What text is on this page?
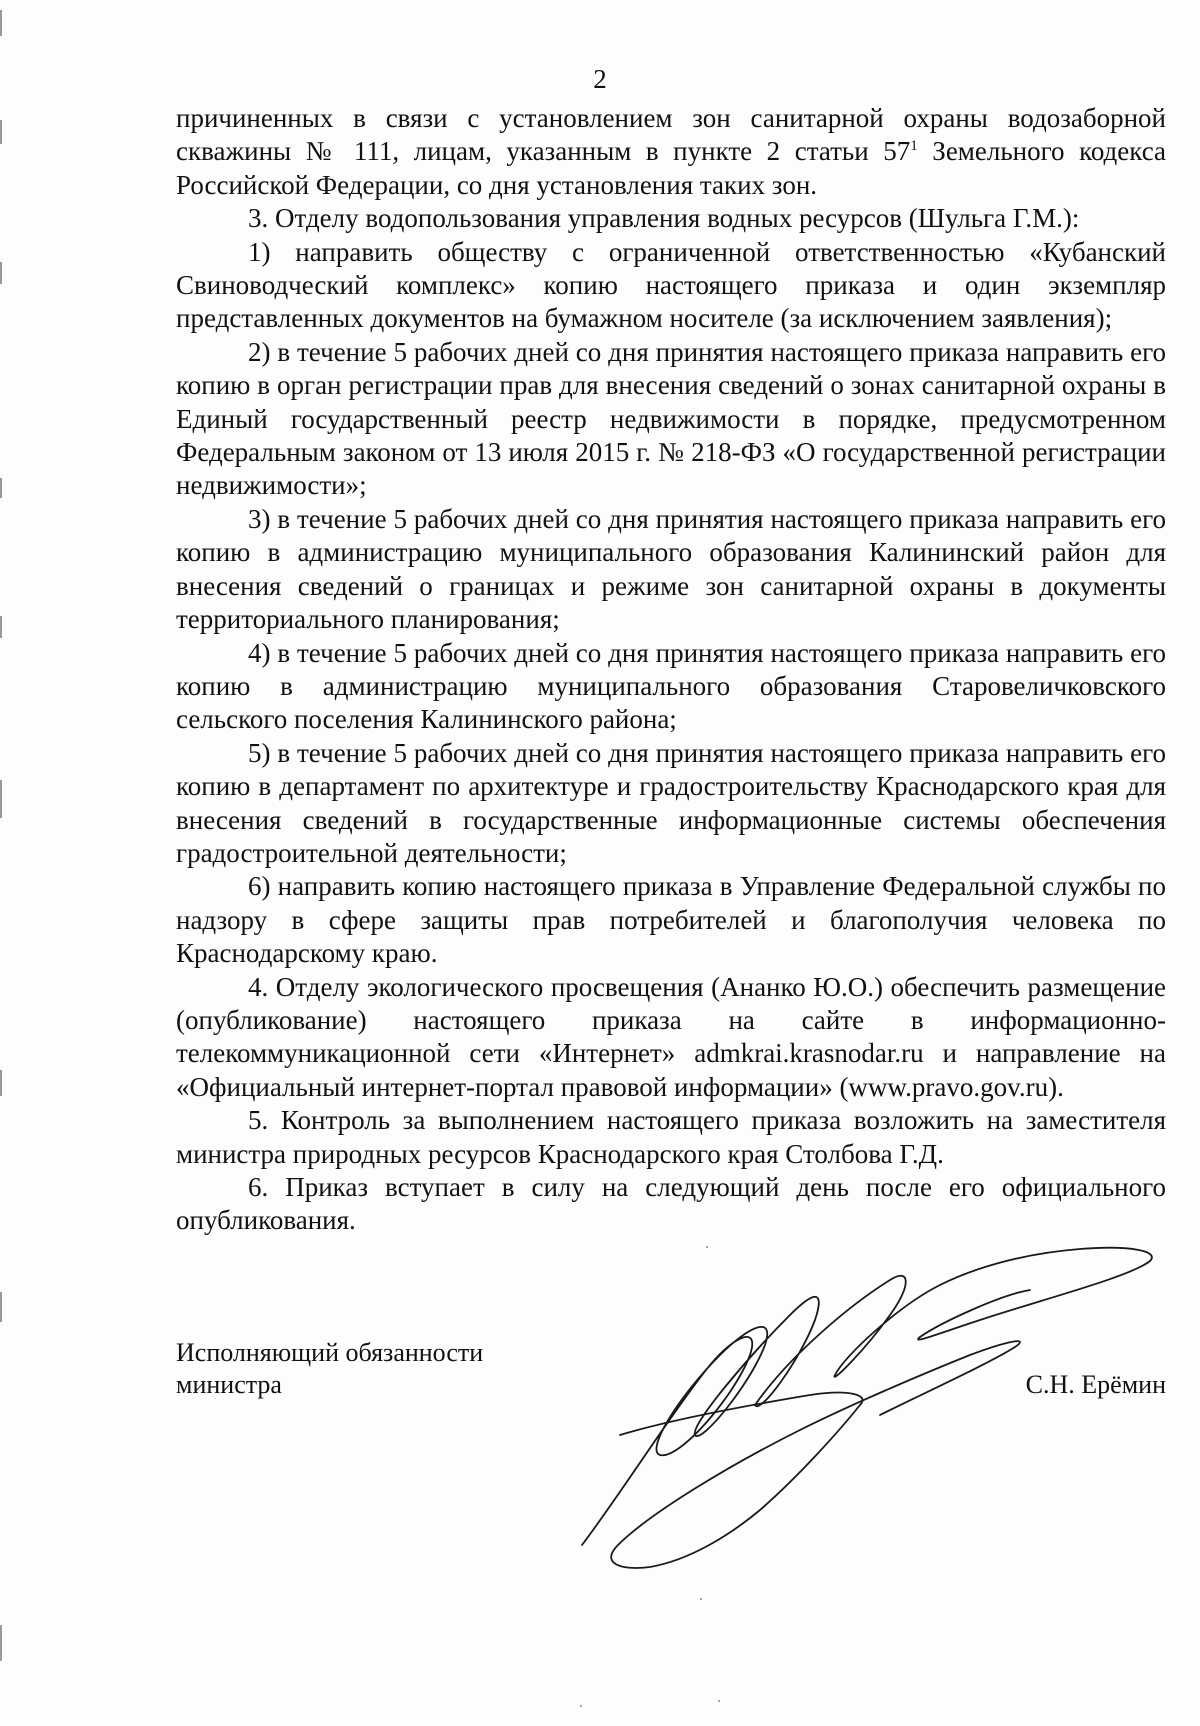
2

причиненных в связи с установлением зон санитарной охраны водозаборной скважины № 111, лицам, указанным в пункте 2 статьи $57^1$ Земельного кодекса Российской Федерации, со дня установления таких зон.

3. Отделу водопользования управления водных ресурсов (Шульга Г.М.):

1) направить обществу с ограниченной ответственностью «Кубанский Свиноводческий комплекс» копию настоящего приказа и один экземпляр представленных документов на бумажном носителе (за исключением заявления);

2) в течение 5 рабочих дней со дня принятия настоящего приказа направить его копию в орган регистрации прав для внесения сведений о зонах санитарной охраны в Единый государственный реестр недвижимости в порядке, предусмотренном Федеральным законом от 13 июля 2015 г. № 218-ФЗ «О государственной регистрации недвижимости»;

3) в течение 5 рабочих дней со дня принятия настоящего приказа направить его копию в администрацию муниципального образования Калининский район для внесения сведений о границах и режиме зон санитарной охраны в документы территориального планирования;

4) в течение 5 рабочих дней со дня принятия настоящего приказа направить его копию в администрацию муниципального образования Старовеличковского сельского поселения Калининского района;

5) в течение 5 рабочих дней со дня принятия настоящего приказа направить его копию в департамент по архитектуре и градостроительству Краснодарского края для внесения сведений в государственные информационные системы обеспечения градостроительной деятельности;

6) направить копию настоящего приказа в Управление Федеральной службы по надзору в сфере защиты прав потребителей и благополучия человека по Краснодарскому краю.

4. Отделу экологического просвещения (Ананко Ю.О.) обеспечить размещение (опубликование) настоящего приказа на сайте в информационно-телекоммуникационной сети «Интернет» admkrai.krasnodar.ru и направление на «Официальный интернет-портал правовой информации» (www.pravo.gov.ru).

5. Контроль за выполнением настоящего приказа возложить на заместителя министра природных ресурсов Краснодарского края Столбова Г.Д.

6. Приказ вступает в силу на следующий день после его официального опубликования.

Исполняющий обязанности
министра	С.Н. Ерёмин
